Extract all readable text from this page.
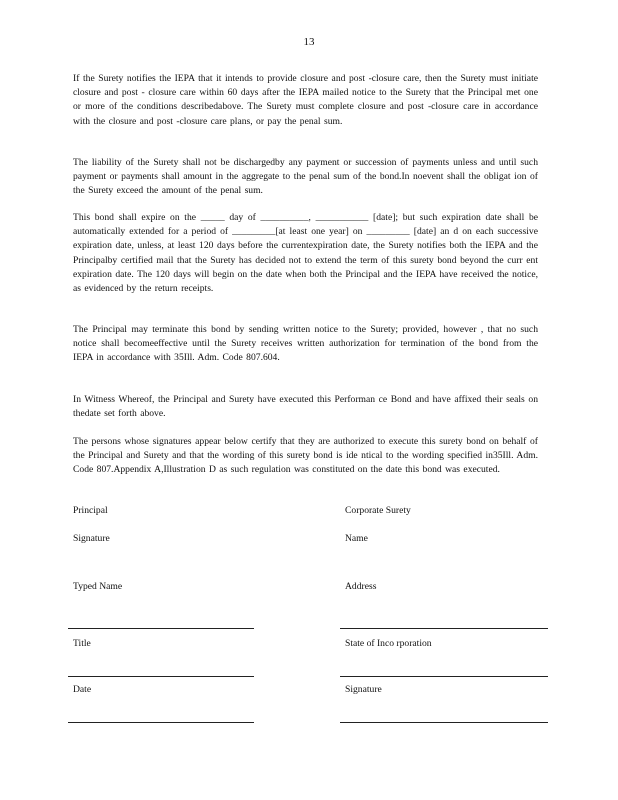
13

If the Surety notifies the IEPA that it intends to provide closure and post -closure care, then the Surety must initiate closure and post - closure care within 60 days after the IEPA mailed notice to the Surety that the Principal met one or more of the conditions describedabove. The Surety must complete closure and post -closure care in accordance with the closure and post -closure care plans, or pay the penal sum.

The liability of the Surety shall not be dischargedby any payment or succession of payments unless and until such payment or payments shall amount in the aggregate to the penal sum of the bond.In noevent shall the obligat ion of the Surety exceed the amount of the penal sum.

This bond shall expire on the _____ day of __________, ___________ [date]; but such expiration date shall be automatically extended for a period of _________[at least one year] on _________ [date] an d on each successive expiration date, unless, at least 120 days before the currentexpiration date, the Surety notifies both the IEPA and the Principalby certified mail that the Surety has decided not to extend the term of this surety bond beyond the curr ent expiration date. The 120 days will begin on the date when both the Principal and the IEPA have received the notice, as evidenced by the return receipts.

The Principal may terminate this bond by sending written notice to the Surety; provided, however , that no such notice shall becomeeffective until the Surety receives written authorization for termination of the bond from the IEPA in accordance with 35Ill. Adm. Code 807.604.

In Witness Whereof, the Principal and Surety have executed this Performan ce Bond and have affixed their seals on thedate set forth above.

The persons whose signatures appear below certify that they are authorized to execute this surety bond on behalf of the Principal and Surety and that the wording of this surety bond is ide ntical to the wording specified in35Ill. Adm. Code 807.Appendix A,Illustration D as such regulation was constituted on the date this bond was executed.

Principal
Signature
Typed Name
Title
Date
Corporate Surety
Name
Address
State of Inco rporation
Signature
